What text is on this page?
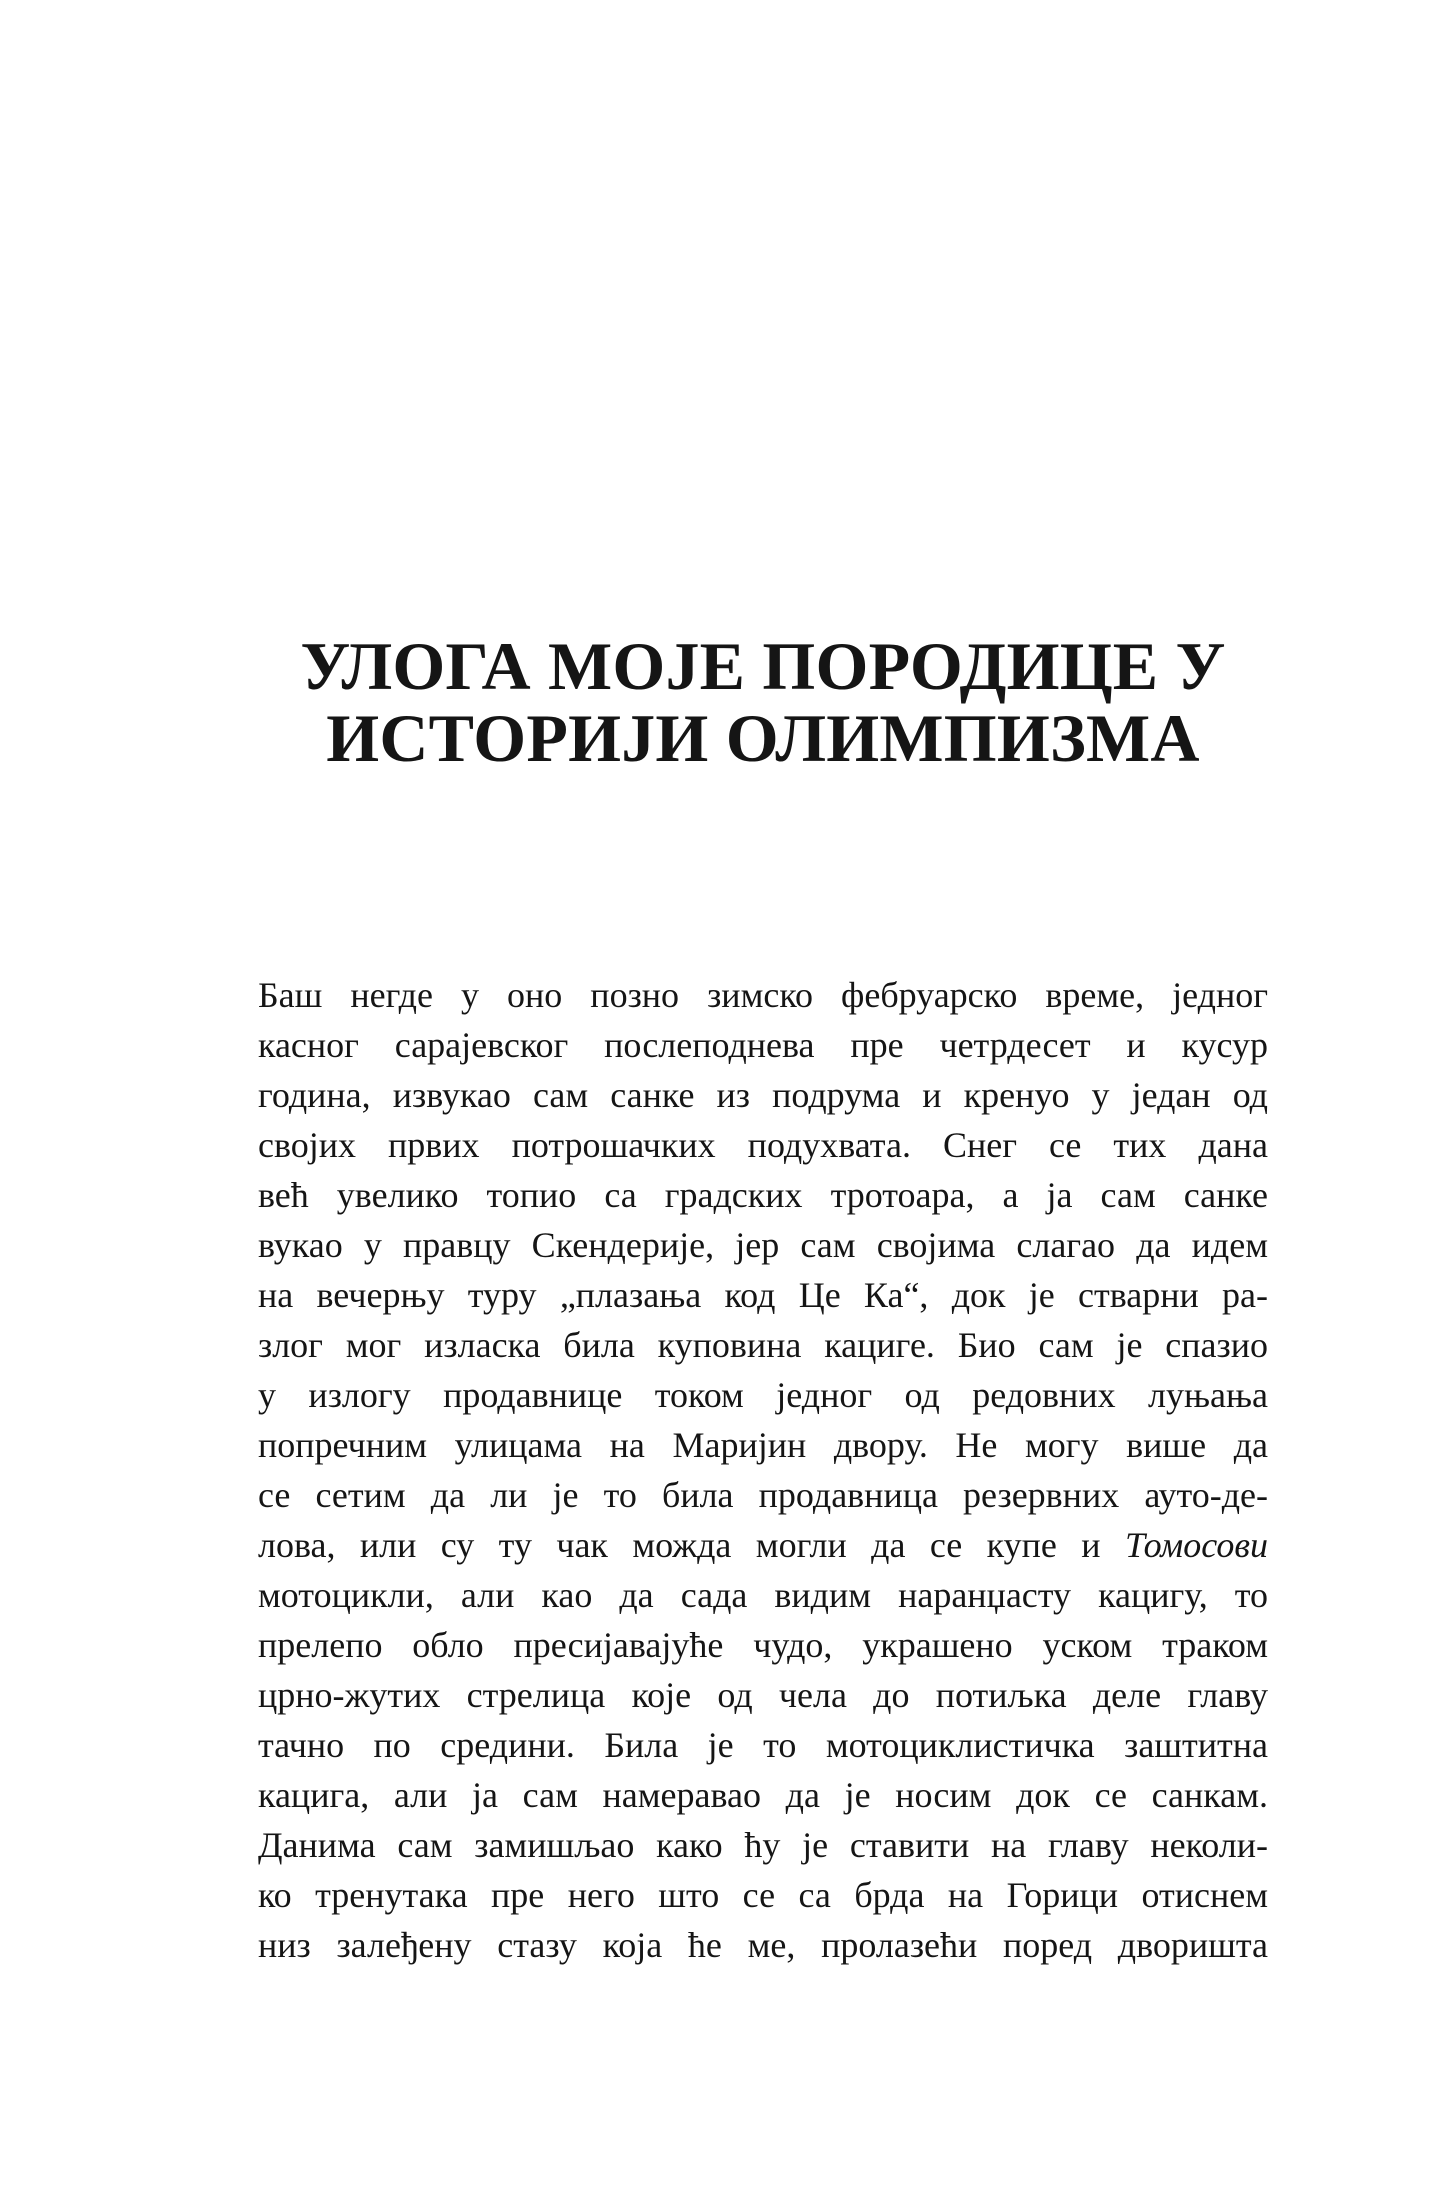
УЛОГА МОЈЕ ПОРОДИЦЕ У
ИСТОРИЈИ ОЛИМПИЗМА
Баш негде у оно позно зимско фебруарско време, једног
касног сарајевског послеподнева пре четрдесет и кусур
година, извукао сам санке из подрума и кренуо у један од
својих првих потрошачких подухвата. Снег се тих дана
већ увелико топио са градских тротоара, а ја сам санке
вукао у правцу Скендерије, јер сам својима слагао да идем
на вечерњу туру „плазања код Це Ка“, док је стварни ра-
злог мог изласка била куповина кациге. Био сам је спазио
у излогу продавнице током једног од редовних луњања
попречним улицама на Маријин двору. Не могу више да
се сетим да ли је то била продавница резервних ауто-де-
лова, или су ту чак можда могли да се купе и Томосови
мотоцикли, али као да сада видим наранџасту кацигу, то
прелепо обло пресијавајуће чудо, украшено уском траком
црно-жутих стрелица које од чела до потиљка деле главу
тачно по средини. Била је то мотоциклистичка заштитна
кацига, али ја сам намеравао да је носим док се санкам.
Данима сам замишљао како ћу је ставити на главу неколи-
ко тренутака пре него што се са брда на Горици отиснем
низ залеђену стазу која ће ме, пролазећи поред дворишта
